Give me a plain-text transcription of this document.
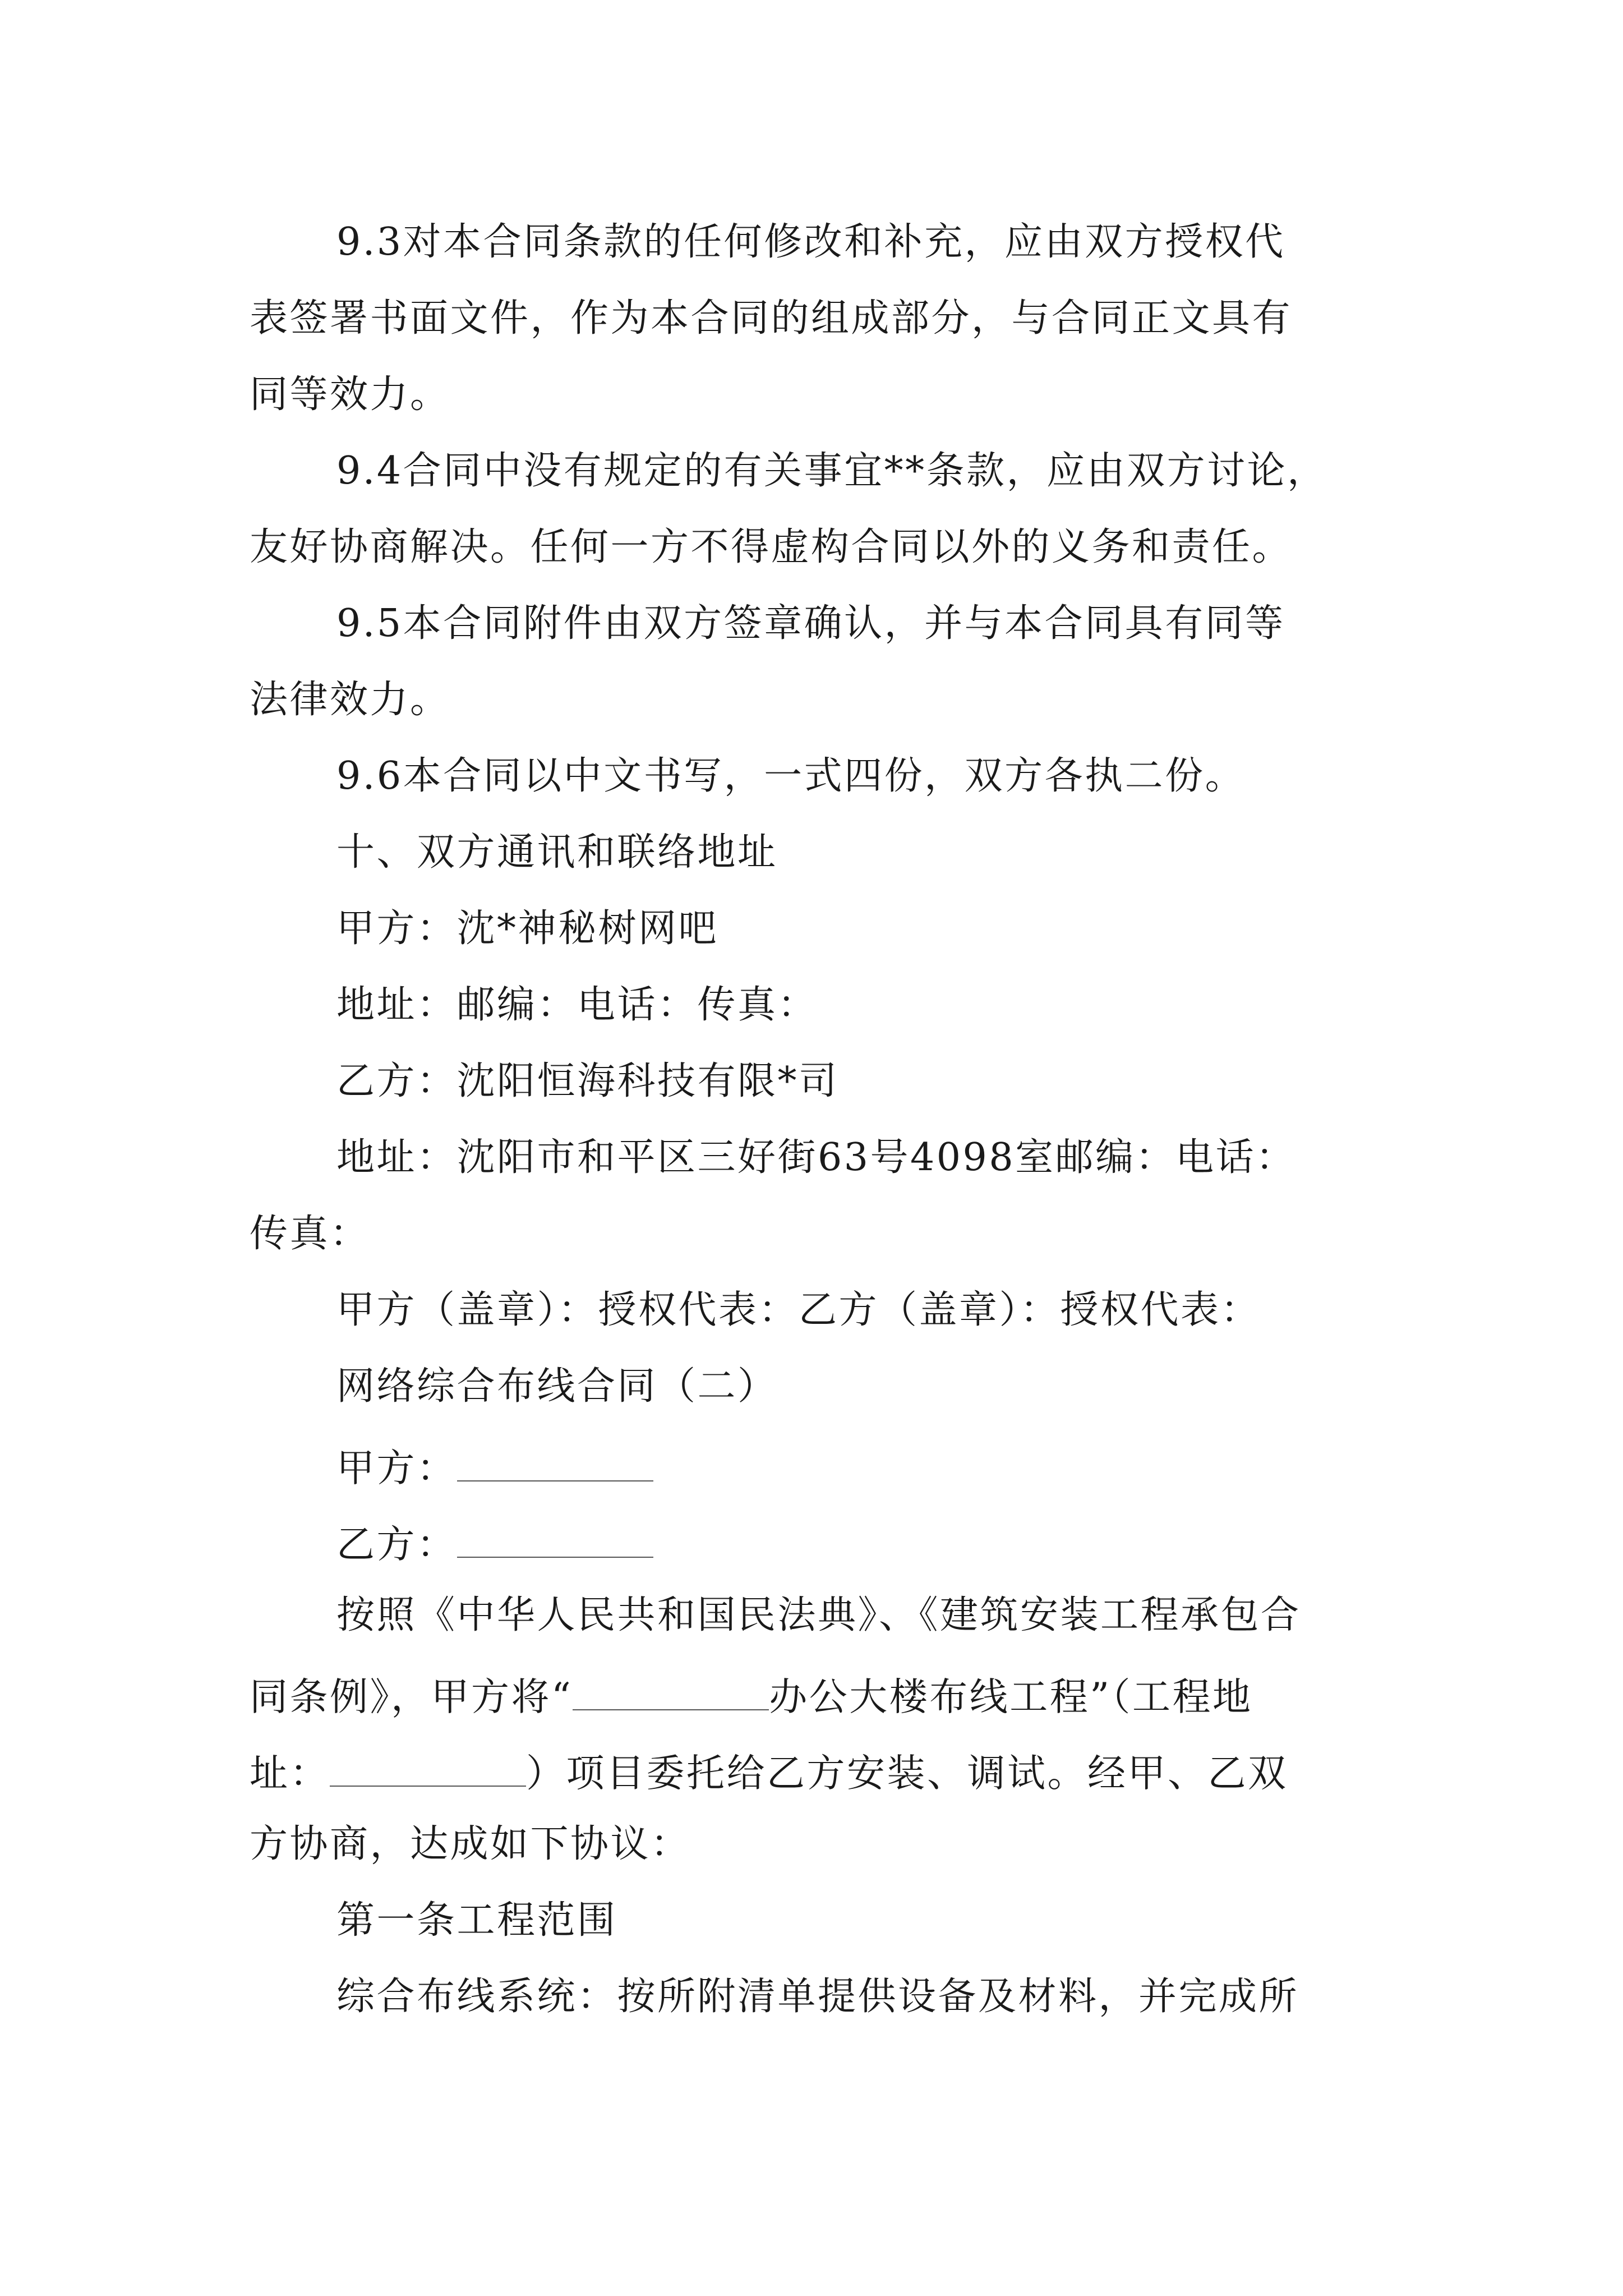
9.3对本合同条款的任何修改和补充，应由双方授权代
表签署书面文件，作为本合同的组成部分，与合同正文具有
同等效力。
9.4合同中没有规定的有关事宜**条款，应由双方讨论，
友好协商解决。任何一方不得虚构合同以外的义务和责任。
9.5本合同附件由双方签章确认，并与本合同具有同等
法律效力。
9.6本合同以中文书写，一式四份，双方各执二份。
十、双方通讯和联络地址
甲方：沈*神秘树网吧
地址：邮编：电话：传真：
乙方：沈阳恒海科技有限*司
地址：沈阳市和平区三好街63号4098室邮编：电话：
传真：
甲方（盖章）：授权代表：乙方（盖章）：授权代表：
网络综合布线合同（二）
甲方：
乙方：
按照《中华人民共和国民法典》、《建筑安装工程承包合
同条例》，甲方将“	办公大楼布线工程”（工程地
址：	）项目委托给乙方安装、调试。经甲、乙双
方协商，达成如下协议：
第一条工程范围
综合布线系统：按所附清单提供设备及材料，并完成所
